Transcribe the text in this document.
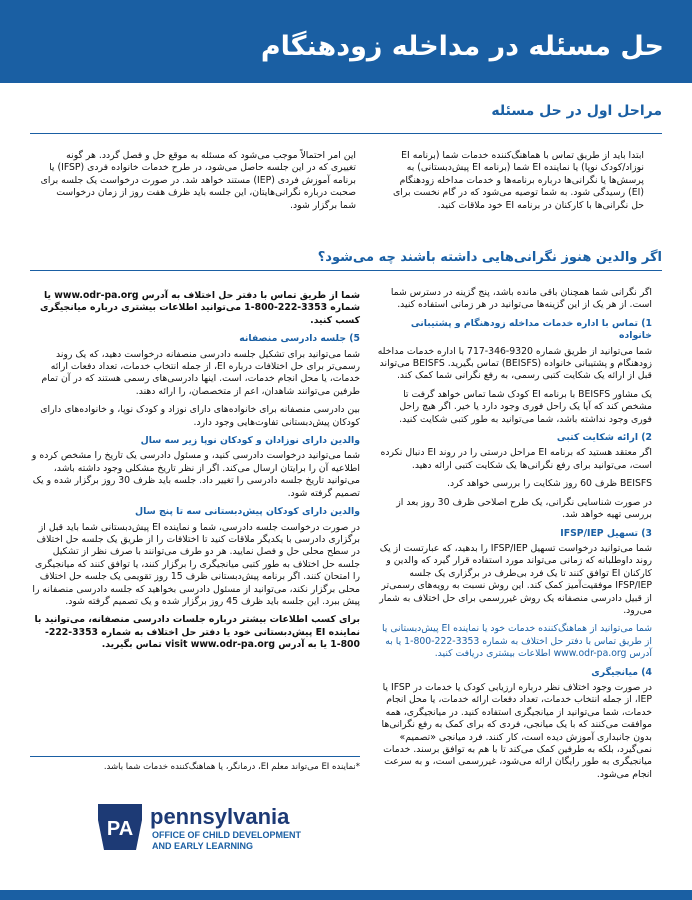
حل مسئله در مداخله زودهنگام
مراحل اول در حل مسئله

ابتدا باید از طریق تماس با هماهنگ‌کننده خدمات شما (برنامه EI نوزاد/کودک نوپا) یا نماینده EI شما (برنامه EI پیش‌دبستانی) به پرسش‌ها یا نگرانی‌ها درباره برنامه‌ها و خدمات مداخله زودهنگام (EI) رسیدگی شود. به شما توصیه می‌شود که در گام نخست برای حل نگرانی‌ها با کارکنان در برنامه EI خود ملاقات کنید.

این امر احتمالاً موجب می‌شود که مسئله به موقع حل و فصل گردد. هر گونه تغییری که در این جلسه حاصل می‌شود، در طرح خدمات خانواده فردی (IFSP) یا برنامه آموزش فردی (IEP) مستند خواهد شد. در صورت درخواست یک جلسه برای صحبت درباره نگرانی‌هایتان، این جلسه باید ظرف هفت روز از زمان درخواست شما برگزار شود.

اگر والدین هنوز نگرانی‌هایی داشته باشند چه می‌شود؟

اگر نگرانی شما همچنان باقی مانده باشد، پنج گزینه در دسترس شما است. از هر یک از این گزینه‌ها می‌توانید در هر زمانی استفاده کنید.

1) تماس با اداره خدمات مداخله زودهنگام و پشتیبانی خانواده

شما می‌توانید از طریق شماره 9320-346-717 با اداره خدمات مداخله زودهنگام و پشتیبانی خانواده (BEISFS) تماس بگیرید. BEISFS می‌تواند قبل از ارائه یک شکایت کتبی رسمی، به رفع نگرانی شما کمک کند.

یک مشاور BEISFS با برنامه EI کودک شما تماس خواهد گرفت تا مشخص کند که آیا یک راحل فوری وجود دارد یا خیر. اگر هیچ راحل فوری وجود نداشته باشد، شما می‌توانید به طور کتبی شکایت کنید.

2) ارائه شکایت کتبی

اگر معتقد هستید که برنامه EI مراحل درستی را در روند EI دنبال نکرده است، می‌توانید برای رفع نگرانی‌ها یک شکایت کتبی ارائه دهید.

BEISFS ظرف 60 روز شکایت را بررسی خواهد کرد.

در صورت شناسایی نگرانی، یک طرح اصلاحی ظرف 30 روز بعد از بررسی تهیه خواهد شد.

3) تسهیل IFSP/IEP

شما می‌توانید درخواست تسهیل IFSP/IEP را بدهید، که عبارتست از یک روند داوطلبانه که زمانی می‌تواند مورد استفاده قرار گیرد که والدین و کارکنان EI توافق کنند تا یک فرد بی‌طرف در برگزاری یک جلسه IFSP/IEP موفقیت‌آمیز کمک کند. این روش نسبت به رویه‌های رسمی‌تر از قبیل دادرسی منصفانه یک روش غیررسمی برای حل اختلاف به شمار می‌رود.

شما می‌توانید از هماهنگ‌کننده خدمات خود یا نماینده EI پیش‌دبستانی یا از طریق تماس با دفتر حل اختلاف به شماره 3353-222-800-1 یا به آدرس www.odr-pa.org اطلاعات بیشتری دریافت کنید.

4) میانجیگری

در صورت وجود اختلاف نظر درباره ارزیابی کودک یا خدمات در IFSP یا IEP، از جمله انتخاب خدمات، تعداد دفعات ارائه خدمات، یا محل انجام خدمات، شما می‌توانید از میانجیگری استفاده کنید. در میانجیگری، همه موافقت می‌کنند که با یک میانجی، فردی که برای کمک به رفع نگرانی‌ها بدون جانبداری آموزش دیده است، کار کنند. فرد میانجی «تصمیم» نمی‌گیرد، بلکه به طرفین کمک می‌کند تا با هم به توافق برسند. خدمات میانجیگری به طور رایگان ارائه می‌شود، غیررسمی است، و به سرعت انجام می‌شود.

شما از طریق تماس با دفتر حل اختلاف به آدرس www.odr-pa.org یا شماره 3353-222-800-1 می‌توانید اطلاعات بیشتری درباره میانجیگری کسب کنید.

5) جلسه دادرسی منصفانه

شما می‌توانید برای تشکیل جلسه دادرسی منصفانه درخواست دهید، که یک روند رسمی‌تر برای حل اختلافات درباره EI، از جمله انتخاب خدمات، تعداد دفعات ارائه خدمات، یا محل انجام خدمات، است. اینها دادرسی‌های رسمی هستند که در آن تمام طرفین می‌توانند شاهدان، اعم از متخصصان، را ارائه دهند.

بین دادرسی منصفانه برای خانواده‌های دارای نوزاد و کودک نوپا، و خانواده‌های دارای کودکان پیش‌دبستانی تفاوت‌هایی وجود دارد.

والدین دارای نوزادان و کودکان نوپا زیر سه سال

شما می‌توانید درخواست دادرسی کنید، و مسئول دادرسی یک تاریخ را مشخص کرده و اطلاعیه آن را برایتان ارسال می‌کند. اگر از نظر تاریخ مشکلی وجود داشته باشد، می‌توانید تاریخ جلسه دادرسی را تغییر داد. جلسه باید ظرف 30 روز برگزار شده و یک تصمیم گرفته شود.

والدین دارای کودکان پیش‌دبستانی سه تا پنج سال

در صورت درخواست جلسه دادرسی، شما و نماینده EI پیش‌دبستانی شما باید قبل از برگزاری دادرسی با یکدیگر ملاقات کنید تا اختلافات را از طریق یک جلسه حل اختلاف در سطح محلی حل و فصل نمایید. هر دو طرف می‌توانند با صرف نظر از تشکیل جلسه حل اختلاف به طور کتبی میانجیگری را برگزار کنند، یا توافق کنند که میانجیگری را امتحان کنند. اگر برنامه پیش‌دبستانی ظرف 15 روز تقویمی یک جلسه حل اختلاف محلی برگزار نکند، می‌توانید از مسئول دادرسی بخواهید که جلسه دادرسی منصفانه را پیش ببرد. این جلسه باید ظرف 45 روز برگزار شده و یک تصمیم گرفته شود.

برای کسب اطلاعات بیشتر درباره جلسات دادرسی منصفانه، می‌توانید با نماینده EI پیش‌دبستانی خود یا دفتر حل اختلاف به شماره 3353-222-800-1 یا به آدرس visit www.odr-pa.org تماس بگیرید.

*نماینده EI می‌تواند معلم EI، درمانگر، یا هماهنگ‌کننده خدمات شما باشد.
PA pennsylvania
OFFICE OF CHILD DEVELOPMENT
AND EARLY LEARNING
